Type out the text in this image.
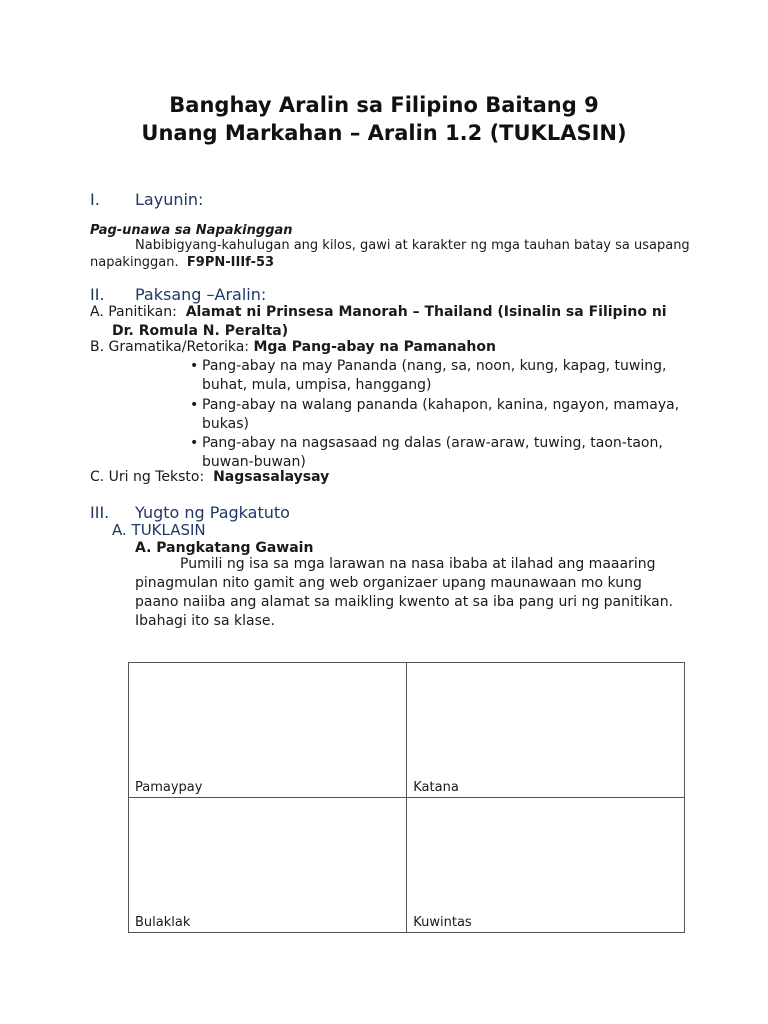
Banghay Aralin sa Filipino Baitang 9
Unang Markahan – Aralin 1.2 (TUKLASIN)
I. Layunin:
Pag-unawa sa Napakinggan
Nabibigyang-kahulugan ang kilos, gawi at karakter ng mga tauhan batay sa usapang
napakinggan. F9PN-IIIf-53
II. Paksang –Aralin:
A. Panitikan: Alamat ni Prinsesa Manorah – Thailand (Isinalin sa Filipino ni
Dr. Romula N. Peralta)
B. Gramatika/Retorika: Mga Pang-abay na Pamanahon
• Pang-abay na may Pananda (nang, sa, noon, kung, kapag, tuwing,
buhat, mula, umpisa, hanggang)
• Pang-abay na walang pananda (kahapon, kanina, ngayon, mamaya,
bukas)
• Pang-abay na nagsasaad ng dalas (araw-araw, tuwing, taon-taon,
buwan-buwan)
C. Uri ng Teksto: Nagsasalaysay
III. Yugto ng Pagkatuto
A. TUKLASIN
A. Pangkatang Gawain
Pumili ng isa sa mga larawan na nasa ibaba at ilahad ang maaaring
pinagmulan nito gamit ang web organizaer upang maunawaan mo kung
paano naiiba ang alamat sa maikling kwento at sa iba pang uri ng panitikan.
Ibahagi ito sa klase.
Pamaypay	Katana
Bulaklak	Kuwintas
